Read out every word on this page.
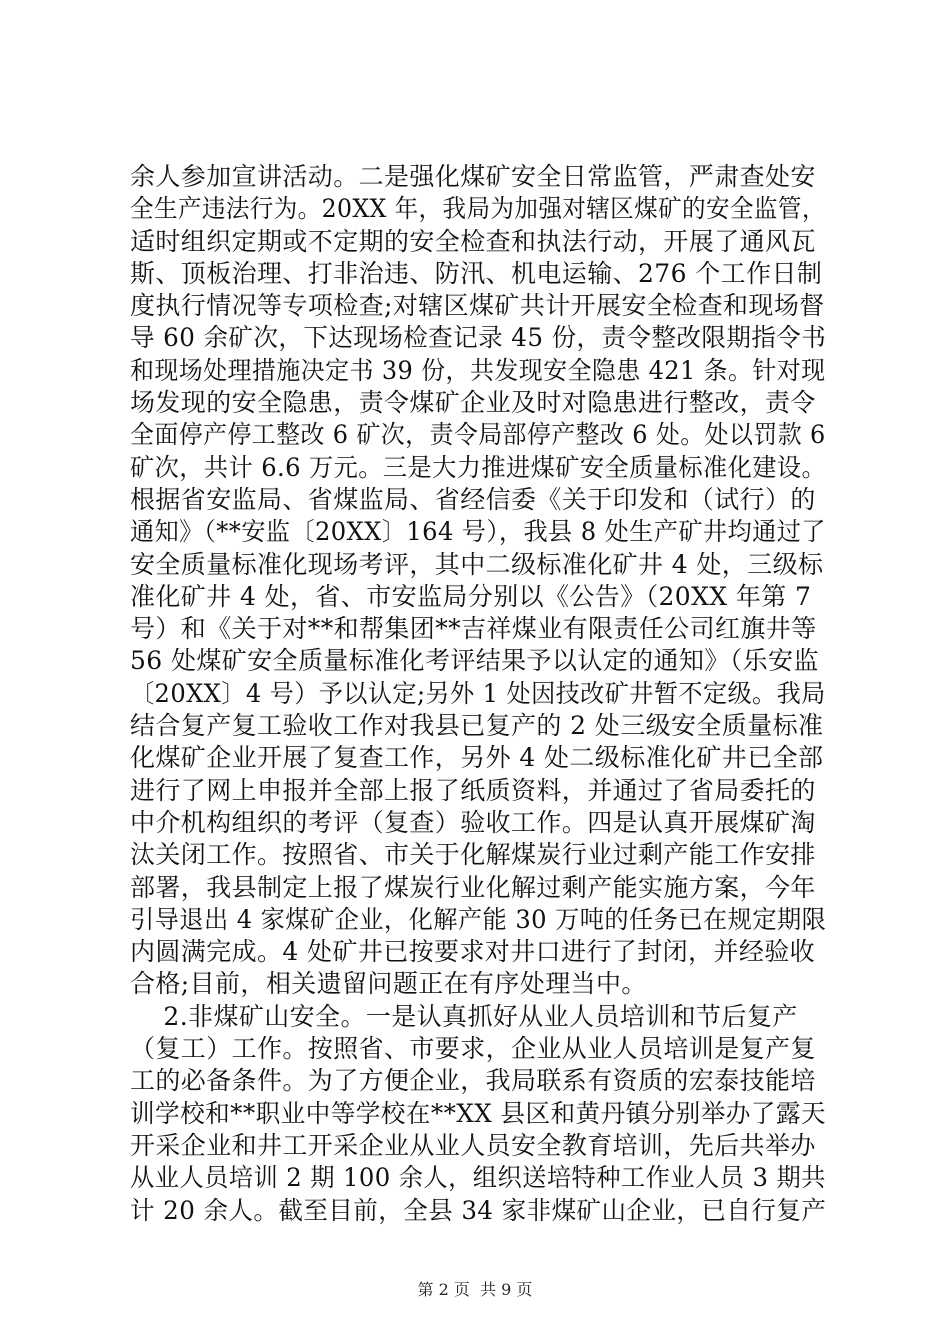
余人参加宣讲活动。二是强化煤矿安全日常监管，严肃查处安
全生产违法行为。20XX 年，我局为加强对辖区煤矿的安全监管，
适时组织定期或不定期的安全检查和执法行动，开展了通风瓦
斯、顶板治理、打非治违、防汛、机电运输、276 个工作日制
度执行情况等专项检查;对辖区煤矿共计开展安全检查和现场督
导 60 余矿次，下达现场检查记录 45 份，责令整改限期指令书
和现场处理措施决定书 39 份，共发现安全隐患 421 条。针对现
场发现的安全隐患，责令煤矿企业及时对隐患进行整改，责令
全面停产停工整改 6 矿次，责令局部停产整改 6 处。处以罚款 6
矿次，共计 6.6 万元。三是大力推进煤矿安全质量标准化建设。
根据省安监局、省煤监局、省经信委《关于印发和（试行）的
通知》（**安监〔20XX〕164 号），我县 8 处生产矿井均通过了
安全质量标准化现场考评，其中二级标准化矿井 4 处，三级标
准化矿井 4 处，省、市安监局分别以《公告》（20XX 年第 7
号）和《关于对**和帮集团**吉祥煤业有限责任公司红旗井等
56 处煤矿安全质量标准化考评结果予以认定的通知》（乐安监
〔20XX〕4 号）予以认定;另外 1 处因技改矿井暂不定级。我局
结合复产复工验收工作对我县已复产的 2 处三级安全质量标准
化煤矿企业开展了复查工作，另外 4 处二级标准化矿井已全部
进行了网上申报并全部上报了纸质资料，并通过了省局委托的
中介机构组织的考评（复查）验收工作。四是认真开展煤矿淘
汰关闭工作。按照省、市关于化解煤炭行业过剩产能工作安排
部署，我县制定上报了煤炭行业化解过剩产能实施方案，今年
引导退出 4 家煤矿企业，化解产能 30 万吨的任务已在规定期限
内圆满完成。4 处矿井已按要求对井口进行了封闭，并经验收
合格;目前，相关遗留问题正在有序处理当中。
2.非煤矿山安全。一是认真抓好从业人员培训和节后复产
（复工）工作。按照省、市要求，企业从业人员培训是复产复
工的必备条件。为了方便企业，我局联系有资质的宏泰技能培
训学校和**职业中等学校在**XX 县区和黄丹镇分别举办了露天
开采企业和井工开采企业从业人员安全教育培训，先后共举办
从业人员培训 2 期 100 余人，组织送培特种工作业人员 3 期共
计 20 余人。截至目前，全县 34 家非煤矿山企业，已自行复产
第 2 页  共 9 页
